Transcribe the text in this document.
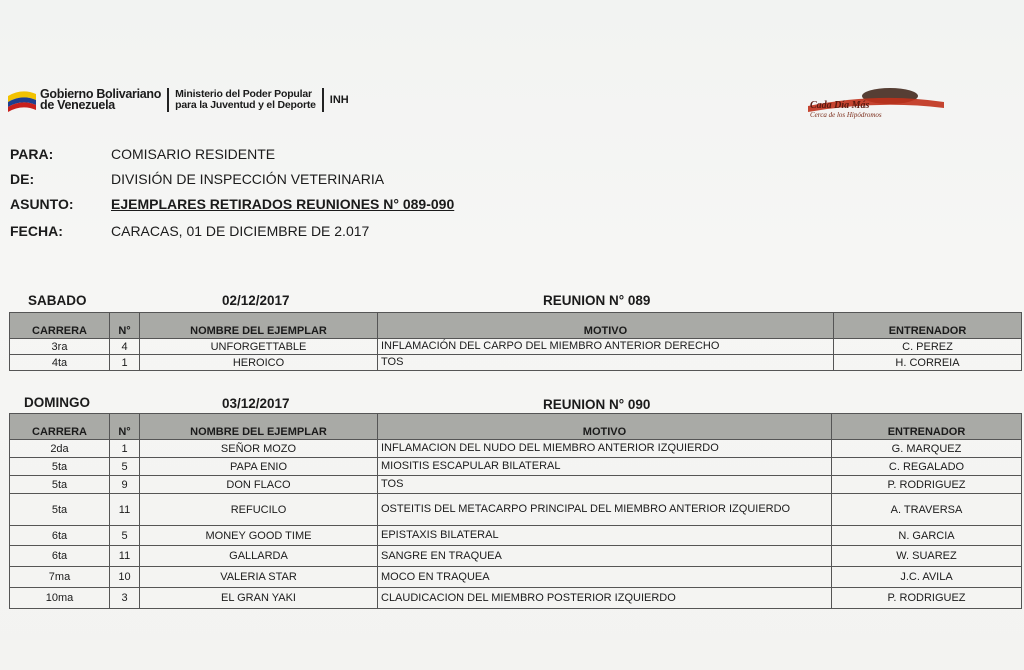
Gobierno Bolivariano
de Venezuela
Ministerio del Poder Popular
para la Juventud y el Deporte INH	Cada Día Más
Cerca de los Hipódromos
PARA:	COMISARIO RESIDENTE
DE:	DIVISIÓN DE INSPECCIÓN VETERINARIA
ASUNTO:	EJEMPLARES RETIRADOS REUNIONES N° 089-090
FECHA:	CARACAS, 01 DE DICIEMBRE DE 2.017
SABADO	02/12/2017	REUNION N° 089
CARRERA	N°	NOMBRE DEL EJEMPLAR	MOTIVO	ENTRENADOR
3ra	4	UNFORGETTABLE	INFLAMACIÓN DEL CARPO DEL MIEMBRO ANTERIOR DERECHO	C. PEREZ
4ta	1	HEROICO	TOS	H. CORREIA
DOMINGO	03/12/2017	REUNION N° 090
CARRERA	N°	NOMBRE DEL EJEMPLAR	MOTIVO	ENTRENADOR
2da	1	SEÑOR MOZO	INFLAMACION DEL NUDO DEL MIEMBRO ANTERIOR IZQUIERDO	G. MARQUEZ
5ta	5	PAPA ENIO	MIOSITIS ESCAPULAR BILATERAL	C. REGALADO
5ta	9	DON FLACO	TOS	P. RODRIGUEZ
5ta	11	REFUCILO	OSTEITIS DEL METACARPO PRINCIPAL DEL MIEMBRO ANTERIOR IZQUIERDO	A. TRAVERSA
6ta	5	MONEY GOOD TIME	EPISTAXIS BILATERAL	N. GARCIA
6ta	11	GALLARDA	SANGRE EN TRAQUEA	W. SUAREZ
7ma	10	VALERIA STAR	MOCO EN TRAQUEA	J.C. AVILA
10ma	3	EL GRAN YAKI	CLAUDICACION DEL MIEMBRO POSTERIOR IZQUIERDO	P. RODRIGUEZ
